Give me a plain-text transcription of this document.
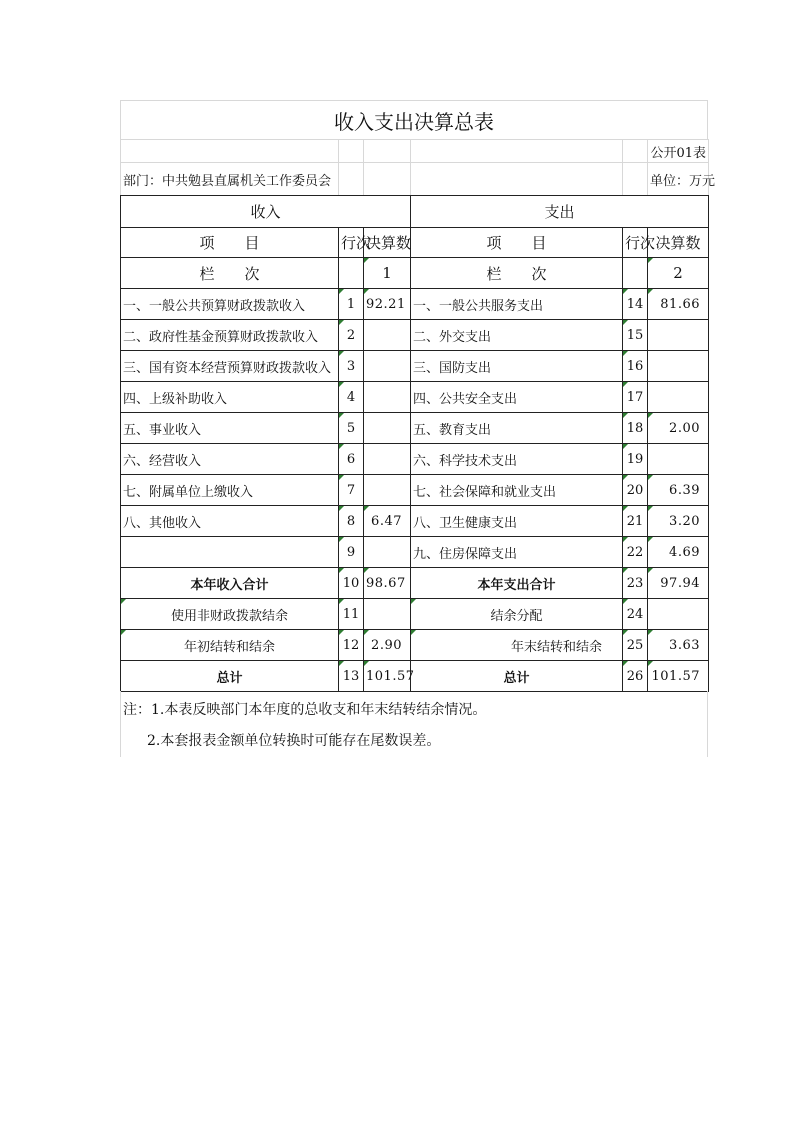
收入支出决算总表
					公开01表
部门：中共勉县直属机关工作委员会					单位：万元
收入			支出		
项　　目	行次	决算数	项　　目	行次	决算数
栏　　次		1	栏　　次		2
一、一般公共预算财政拨款收入	1	92.21	一、一般公共服务支出	14	81.66
二、政府性基金预算财政拨款收入	2		二、外交支出	15	
三、国有资本经营预算财政拨款收入	3		三、国防支出	16	
四、上级补助收入	4		四、公共安全支出	17	
五、事业收入	5		五、教育支出	18	2.00
六、经营收入	6		六、科学技术支出	19	
七、附属单位上缴收入	7		七、社会保障和就业支出	20	6.39
八、其他收入	8	6.47	八、卫生健康支出	21	3.20
	9		九、住房保障支出	22	4.69
本年收入合计	10	98.67	本年支出合计	23	97.94
使用非财政拨款结余	11		结余分配	24	
年初结转和结余	12	2.90	年末结转和结余	25	3.63
总计	13	101.57	总计	26	101.57
注：1.本表反映部门本年度的总收支和年末结转结余情况。
2.本套报表金额单位转换时可能存在尾数误差。
